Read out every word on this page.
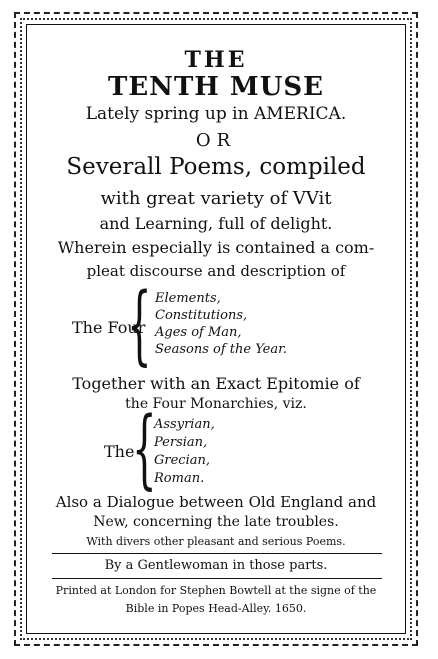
THE
TENTH MUSE
Lately spring up in AMERICA.
OR
Severall Poems, compiled
with great variety of VVit
and Learning, full of delight.
Wherein especially is contained a com-
pleat discourse and description of
The Four
{ Elements,
Constitutions,
Ages of Man,
Seasons of the Year.
Together with an Exact Epitomie of
the Four Monarchies, viz.
The
{
Assyrian,
Persian,
Grecian,
Roman.
Also a Dialogue between Old England and
New, concerning the late troubles.
With divers other pleasant and serious Poems.
By a Gentlewoman in those parts.
Printed at London for Stephen Bowtell at the signe of the
Bible in Popes Head-Alley. 1650.
